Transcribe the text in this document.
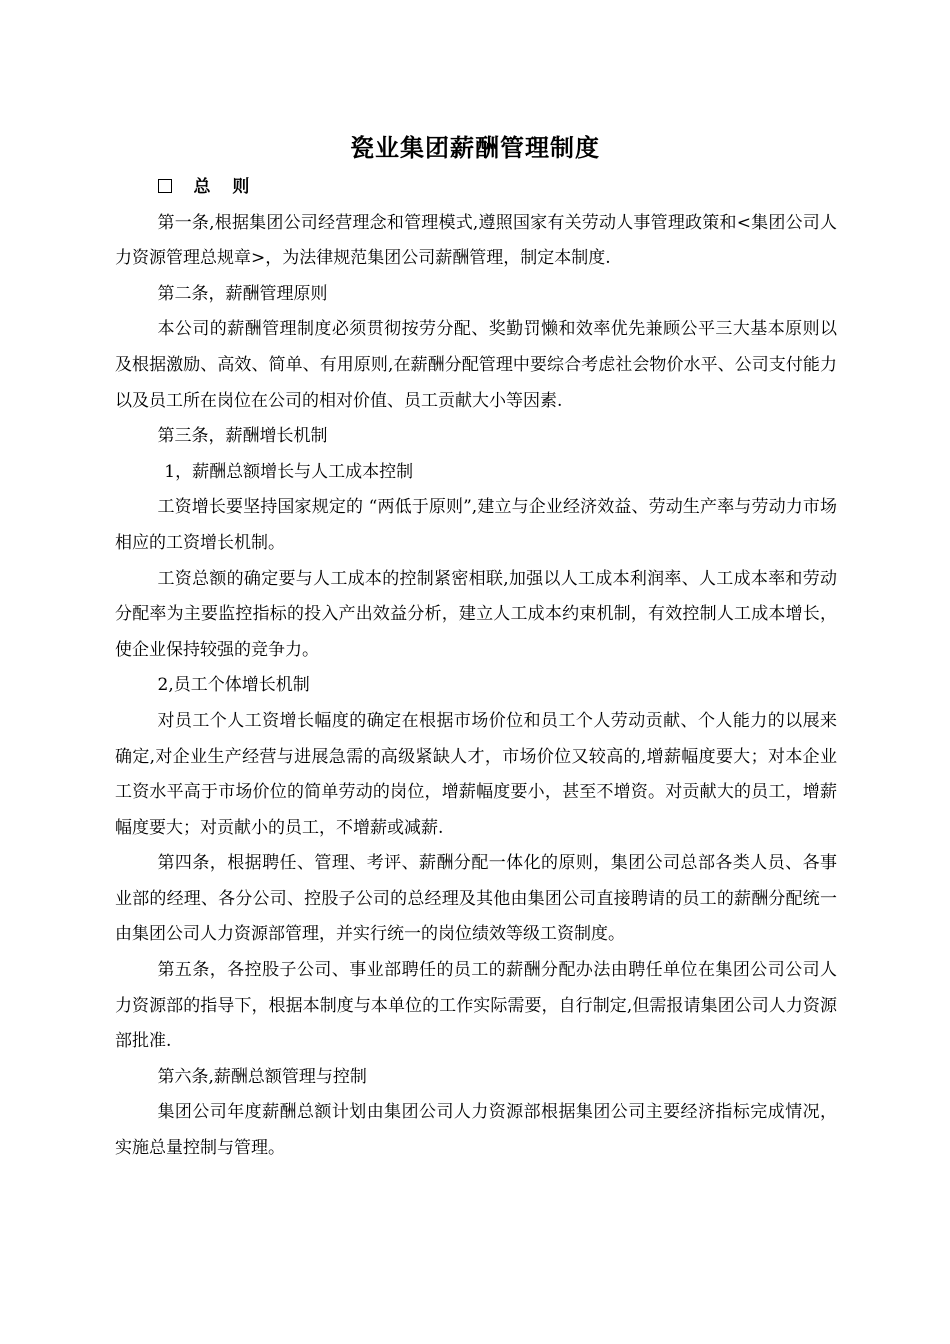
瓷业集团薪酬管理制度

总 则

第一条,根据集团公司经营理念和管理模式,遵照国家有关劳动人事管理政策和<集团公司人力资源管理总规章>，为法律规范集团公司薪酬管理，制定本制度.

第二条，薪酬管理原则

本公司的薪酬管理制度必须贯彻按劳分配、奖勤罚懒和效率优先兼顾公平三大基本原则以及根据激励、高效、简单、有用原则,在薪酬分配管理中要综合考虑社会物价水平、公司支付能力以及员工所在岗位在公司的相对价值、员工贡献大小等因素.

第三条，薪酬增长机制

1，薪酬总额增长与人工成本控制

工资增长要坚持国家规定的 “两低于原则”,建立与企业经济效益、劳动生产率与劳动力市场相应的工资增长机制。

工资总额的确定要与人工成本的控制紧密相联,加强以人工成本利润率、人工成本率和劳动分配率为主要监控指标的投入产出效益分析，建立人工成本约束机制，有效控制人工成本增长，使企业保持较强的竞争力。

2,员工个体增长机制

对员工个人工资增长幅度的确定在根据市场价位和员工个人劳动贡献、个人能力的以展来确定,对企业生产经营与进展急需的高级紧缺人才，市场价位又较高的,增薪幅度要大；对本企业工资水平高于市场价位的简单劳动的岗位，增薪幅度要小，甚至不增资。对贡献大的员工，增薪幅度要大；对贡献小的员工，不增薪或减薪.

第四条，根据聘任、管理、考评、薪酬分配一体化的原则，集团公司总部各类人员、各事业部的经理、各分公司、控股子公司的总经理及其他由集团公司直接聘请的员工的薪酬分配统一由集团公司人力资源部管理，并实行统一的岗位绩效等级工资制度。

第五条，各控股子公司、事业部聘任的员工的薪酬分配办法由聘任单位在集团公司公司人力资源部的指导下，根据本制度与本单位的工作实际需要，自行制定,但需报请集团公司人力资源部批准.

第六条,薪酬总额管理与控制

集团公司年度薪酬总额计划由集团公司人力资源部根据集团公司主要经济指标完成情况，实施总量控制与管理。
